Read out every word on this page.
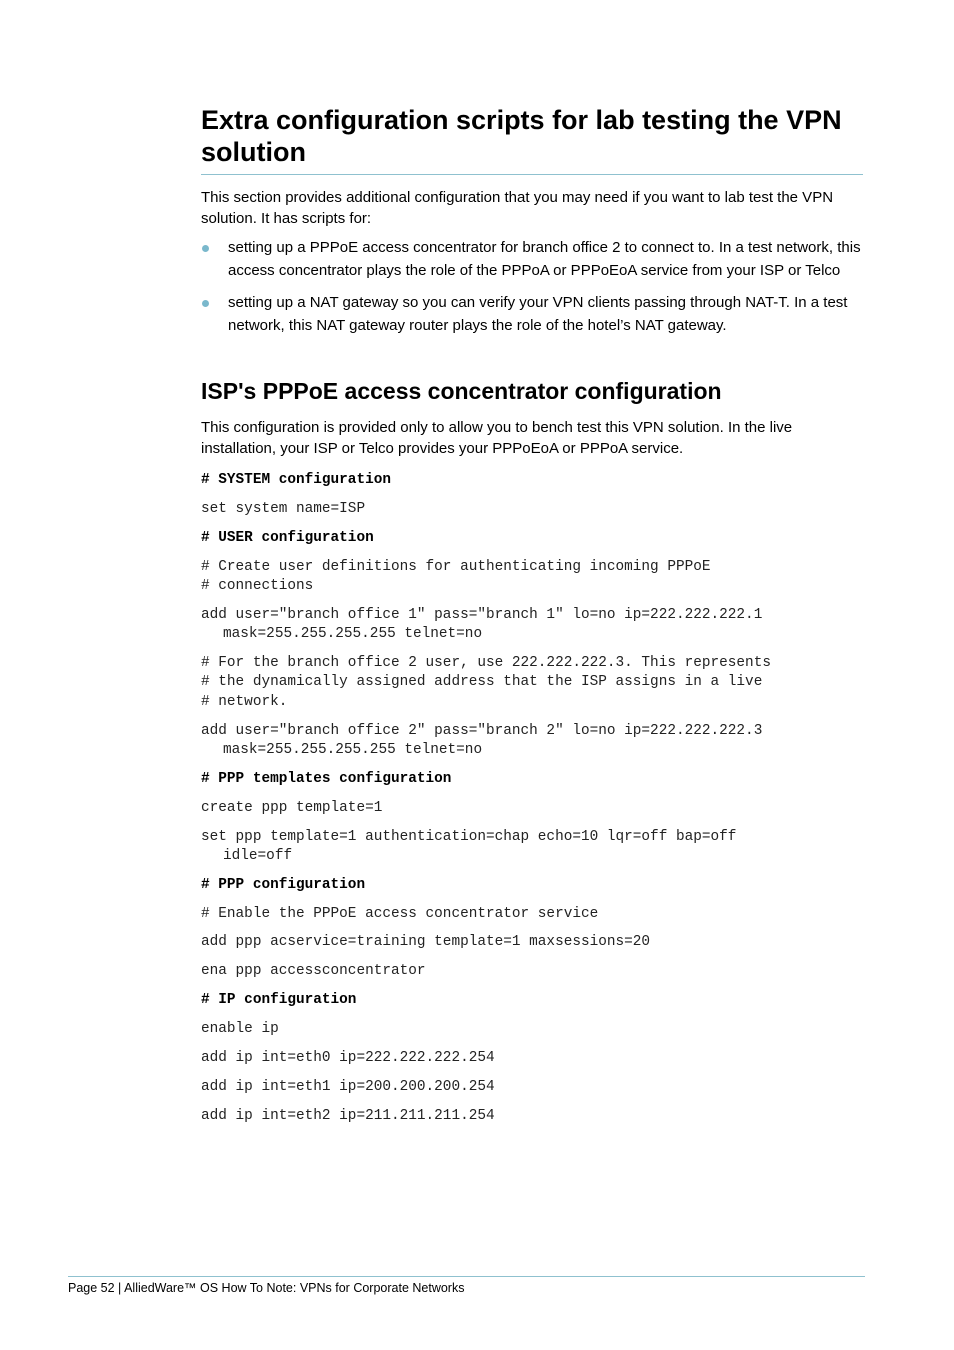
Extra configuration scripts for lab testing the VPN solution

This section provides additional configuration that you may need if you want to lab test the VPN solution. It has scripts for:

setting up a PPPoE access concentrator for branch office 2 to connect to. In a test network, this access concentrator plays the role of the PPPoA or PPPoEoA service from your ISP or Telco
setting up a NAT gateway so you can verify your VPN clients passing through NAT-T. In a test network, this NAT gateway router plays the role of the hotel’s NAT gateway.
ISP's PPPoE access concentrator configuration

This configuration is provided only to allow you to bench test this VPN solution. In the live installation, your ISP or Telco provides your PPPoEoA or PPPoA service.

# SYSTEM configuration
set system name=ISP
# USER configuration
# Create user definitions for authenticating incoming PPPoE
# connections
add user="branch office 1" pass="branch 1" lo=no ip=222.222.222.1
mask=255.255.255.255 telnet=no
# For the branch office 2 user, use 222.222.222.3. This represents
# the dynamically assigned address that the ISP assigns in a live
# network.
add user="branch office 2" pass="branch 2" lo=no ip=222.222.222.3
mask=255.255.255.255 telnet=no
# PPP templates configuration
create ppp template=1
set ppp template=1 authentication=chap echo=10 lqr=off bap=off
idle=off
# PPP configuration
# Enable the PPPoE access concentrator service
add ppp acservice=training template=1 maxsessions=20
ena ppp accessconcentrator
# IP configuration
enable ip
add ip int=eth0 ip=222.222.222.254
add ip int=eth1 ip=200.200.200.254
add ip int=eth2 ip=211.211.211.254
Page 52 | AlliedWare™ OS How To Note: VPNs for Corporate Networks
